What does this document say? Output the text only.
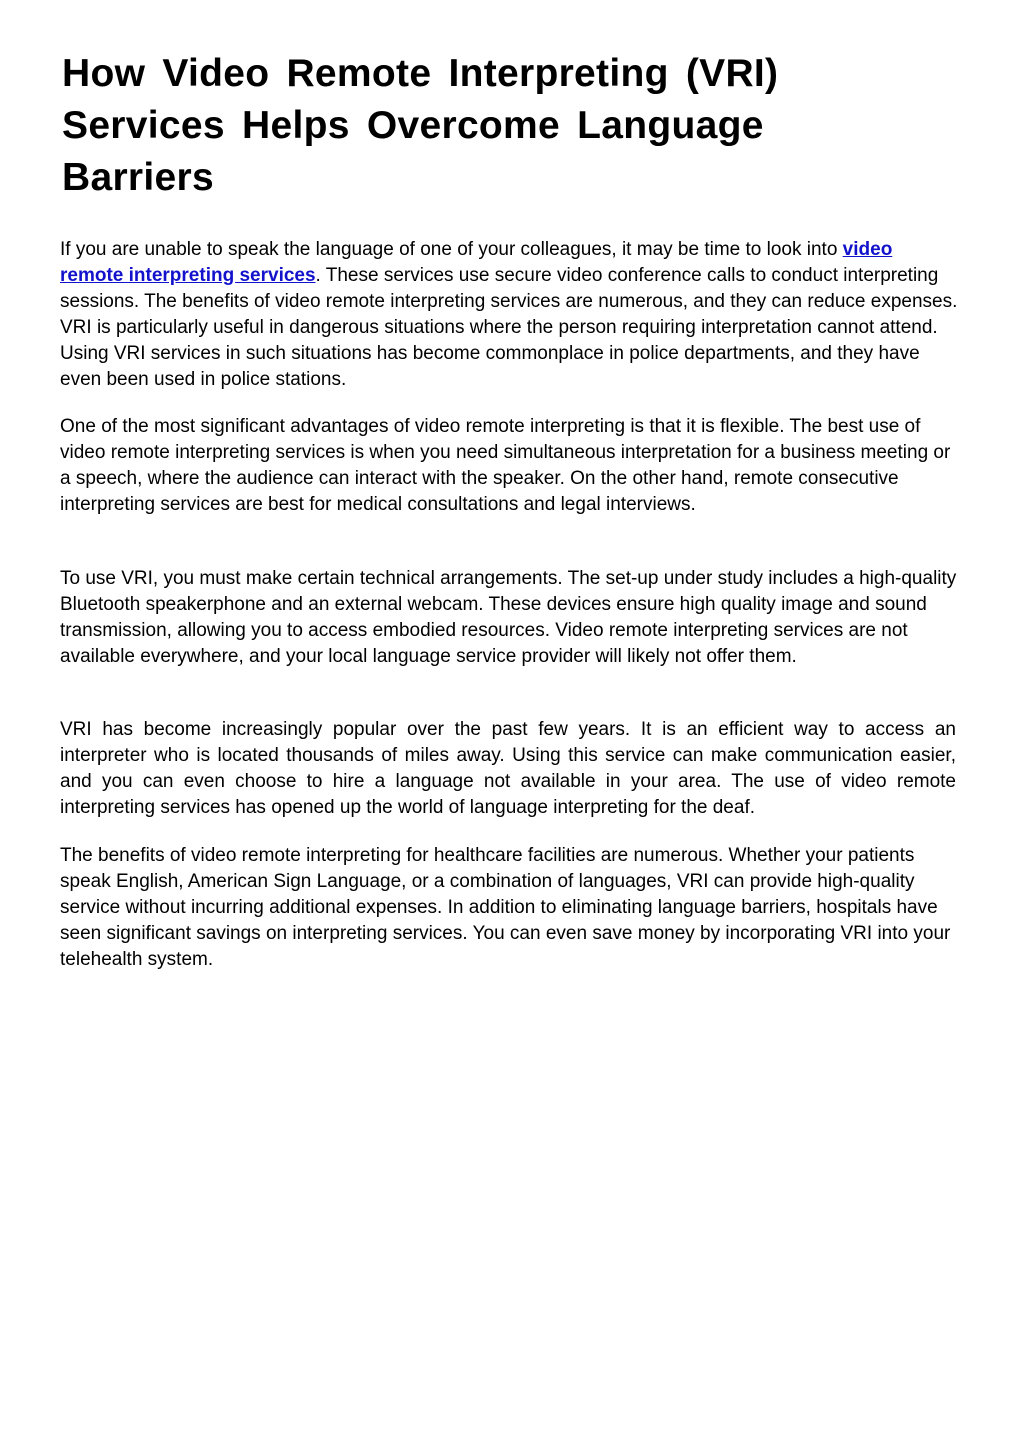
How Video Remote Interpreting (VRI) Services Helps Overcome Language Barriers

If you are unable to speak the language of one of your colleagues, it may be time to look into video remote interpreting services. These services use secure video conference calls to conduct interpreting sessions. The benefits of video remote interpreting services are numerous, and they can reduce expenses. VRI is particularly useful in dangerous situations where the person requiring interpretation cannot attend. Using VRI services in such situations has become commonplace in police departments, and they have even been used in police stations.

One of the most significant advantages of video remote interpreting is that it is flexible. The best use of video remote interpreting services is when you need simultaneous interpretation for a business meeting or a speech, where the audience can interact with the speaker. On the other hand, remote consecutive interpreting services are best for medical consultations and legal interviews.

To use VRI, you must make certain technical arrangements. The set-up under study includes a high-quality Bluetooth speakerphone and an external webcam. These devices ensure high quality image and sound transmission, allowing you to access embodied resources. Video remote interpreting services are not available everywhere, and your local language service provider will likely not offer them.

VRI has become increasingly popular over the past few years. It is an efficient way to access an interpreter who is located thousands of miles away. Using this service can make communication easier, and you can even choose to hire a language not available in your area. The use of video remote interpreting services has opened up the world of language interpreting for the deaf.

The benefits of video remote interpreting for healthcare facilities are numerous. Whether your patients speak English, American Sign Language, or a combination of languages, VRI can provide high-quality service without incurring additional expenses. In addition to eliminating language barriers, hospitals have seen significant savings on interpreting services. You can even save money by incorporating VRI into your telehealth system.
